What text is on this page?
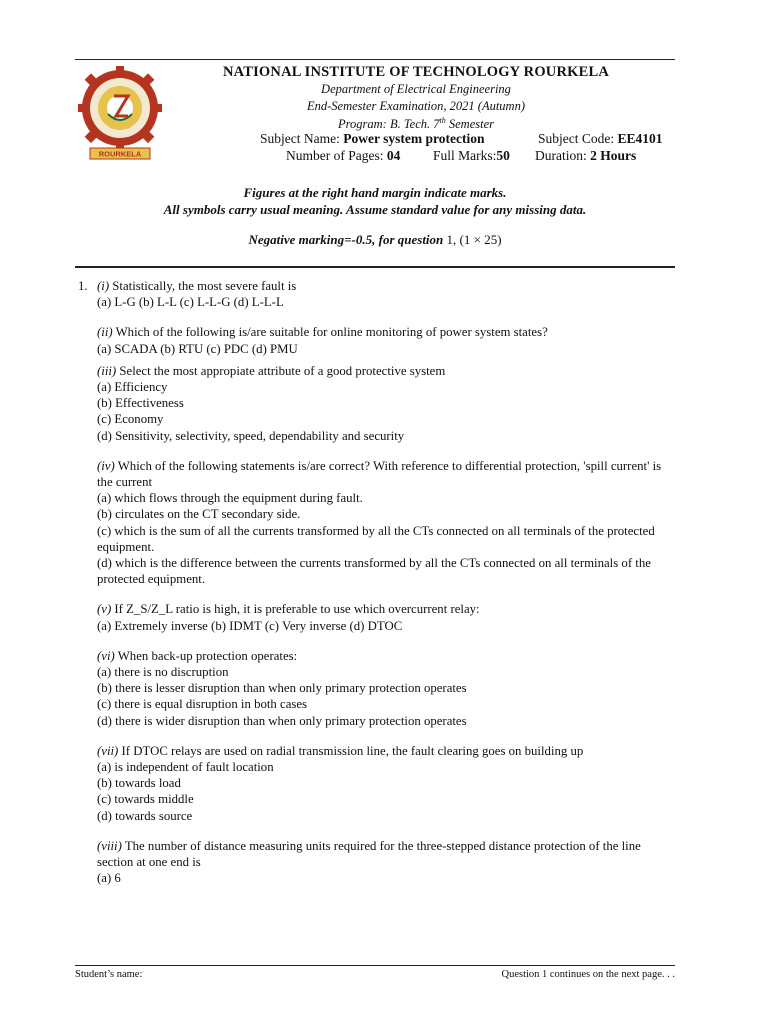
ROURKELA
NATIONAL INSTITUTE OF TECHNOLOGY ROURKELA
Department of Electrical Engineering
End-Semester Examination, 2021 (Autumn)
Program: B. Tech. 7th Semester
Subject Name: Power system protection	Subject Code: EE4101
Number of Pages: 04 Full Marks:50 Duration: 2 Hours
Figures at the right hand margin indicate marks.
All symbols carry usual meaning. Assume standard value for any missing data.
Negative marking=-0.5, for question 1, (1 × 25)
1. (i) Statistically, the most severe fault is

(a) L-G (b) L-L (c) L-L-G (d) L-L-L

(ii) Which of the following is/are suitable for online monitoring of power system states?

(a) SCADA (b) RTU (c) PDC (d) PMU

(iii) Select the most appropiate attribute of a good protective system

(a) Efficiency

(b) Effectiveness

(c) Economy

(d) Sensitivity, selectivity, speed, dependability and security

(iv) Which of the following statements is/are correct? With reference to differential protection, 'spill current' is the current

(a) which flows through the equipment during fault.

(b) circulates on the CT secondary side.

(c) which is the sum of all the currents transformed by all the CTs connected on all terminals of the protected equipment.

(d) which is the difference between the currents transformed by all the CTs connected on all terminals of the protected equipment.

(v) If Z_S/Z_L ratio is high, it is preferable to use which overcurrent relay:

(a) Extremely inverse (b) IDMT (c) Very inverse (d) DTOC

(vi) When back-up protection operates:

(a) there is no discruption

(b) there is lesser disruption than when only primary protection operates

(c) there is equal disruption in both cases

(d) there is wider disruption than when only primary protection operates

(vii) If DTOC relays are used on radial transmission line, the fault clearing goes on building up

(a) is independent of fault location

(b) towards load

(c) towards middle

(d) towards source

(viii) The number of distance measuring units required for the three-stepped distance protection of the line section at one end is

(a) 6

Student’s name:	Question 1 continues on the next page. . .
